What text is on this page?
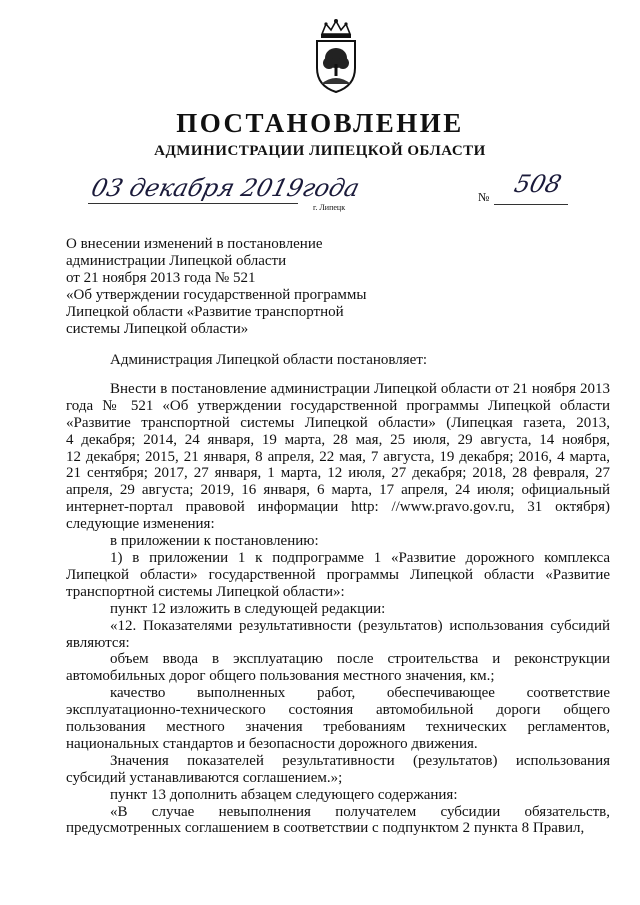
ПОСТАНОВЛЕНИЕ
АДМИНИСТРАЦИИ ЛИПЕЦКОЙ ОБЛАСТИ
03 декабря 2019года
г. Липецк
№ 508
О внесении изменений в постановление
администрации Липецкой области
от 21 ноября 2013 года № 521
«Об утверждении государственной программы
Липецкой области «Развитие транспортной
системы Липецкой области»

Администрация Липецкой области постановляет:

Внести в постановление администрации Липецкой области от 21 ноября 2013
года № 521 «Об утверждении государственной программы Липецкой области
«Развитие транспортной системы Липецкой области» (Липецкая газета, 2013,
4 декабря; 2014, 24 января, 19 марта, 28 мая, 25 июля, 29 августа, 14 ноября,
12 декабря; 2015, 21 января, 8 апреля, 22 мая, 7 августа, 19 декабря; 2016, 4 марта,
21 сентября; 2017, 27 января, 1 марта, 12 июля, 27 декабря; 2018, 28 февраля, 27
апреля, 29 августа; 2019, 16 января, 6 марта, 17 апреля, 24 июля; официальный
интернет-портал правовой информации http: //www.pravo.gov.ru, 31 октября)
следующие изменения:
в приложении к постановлению:
1) в приложении 1 к подпрограмме 1 «Развитие дорожного комплекса
Липецкой области» государственной программы Липецкой области «Развитие
транспортной системы Липецкой области»:
пункт 12 изложить в следующей редакции:
«12. Показателями результативности (результатов) использования субсидий
являются:
объем ввода в эксплуатацию после строительства и реконструкции
автомобильных дорог общего пользования местного значения, км.;
качество выполненных работ, обеспечивающее соответствие
эксплуатационно-технического состояния автомобильной дороги общего
пользования местного значения требованиям технических регламентов,
национальных стандартов и безопасности дорожного движения.
Значения показателей результативности (результатов) использования
субсидий устанавливаются соглашением.»;
пункт 13 дополнить абзацем следующего содержания:
«В случае невыполнения получателем субсидии обязательств,
предусмотренных соглашением в соответствии с подпунктом 2 пункта 8 Правил,
